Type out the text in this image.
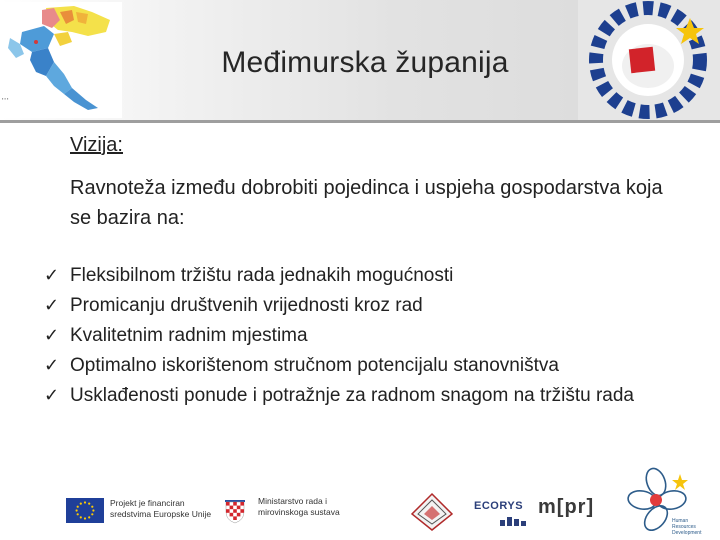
▪ ▪ ▪
Međimurska županija
Vizija:
Ravnoteža između dobrobiti pojedinca i uspjeha gospodarstva koja se bazira na:
✓ Fleksibilnom tržištu rada jednakih mogućnosti
✓ Promicanju društvenih vrijednosti kroz rad
✓ Kvalitetnim radnim mjestima
✓ Optimalno iskorištenom stručnom potencijalu stanovništva
✓ Usklađenosti ponude i potražnje za radnom snagom na tržištu rada
Projekt je financiran
sredstvima Europske Unije
Ministarstvo rada i
mirovinskoga sustava	ECORYS m[pr]
Human
Resources
Development
